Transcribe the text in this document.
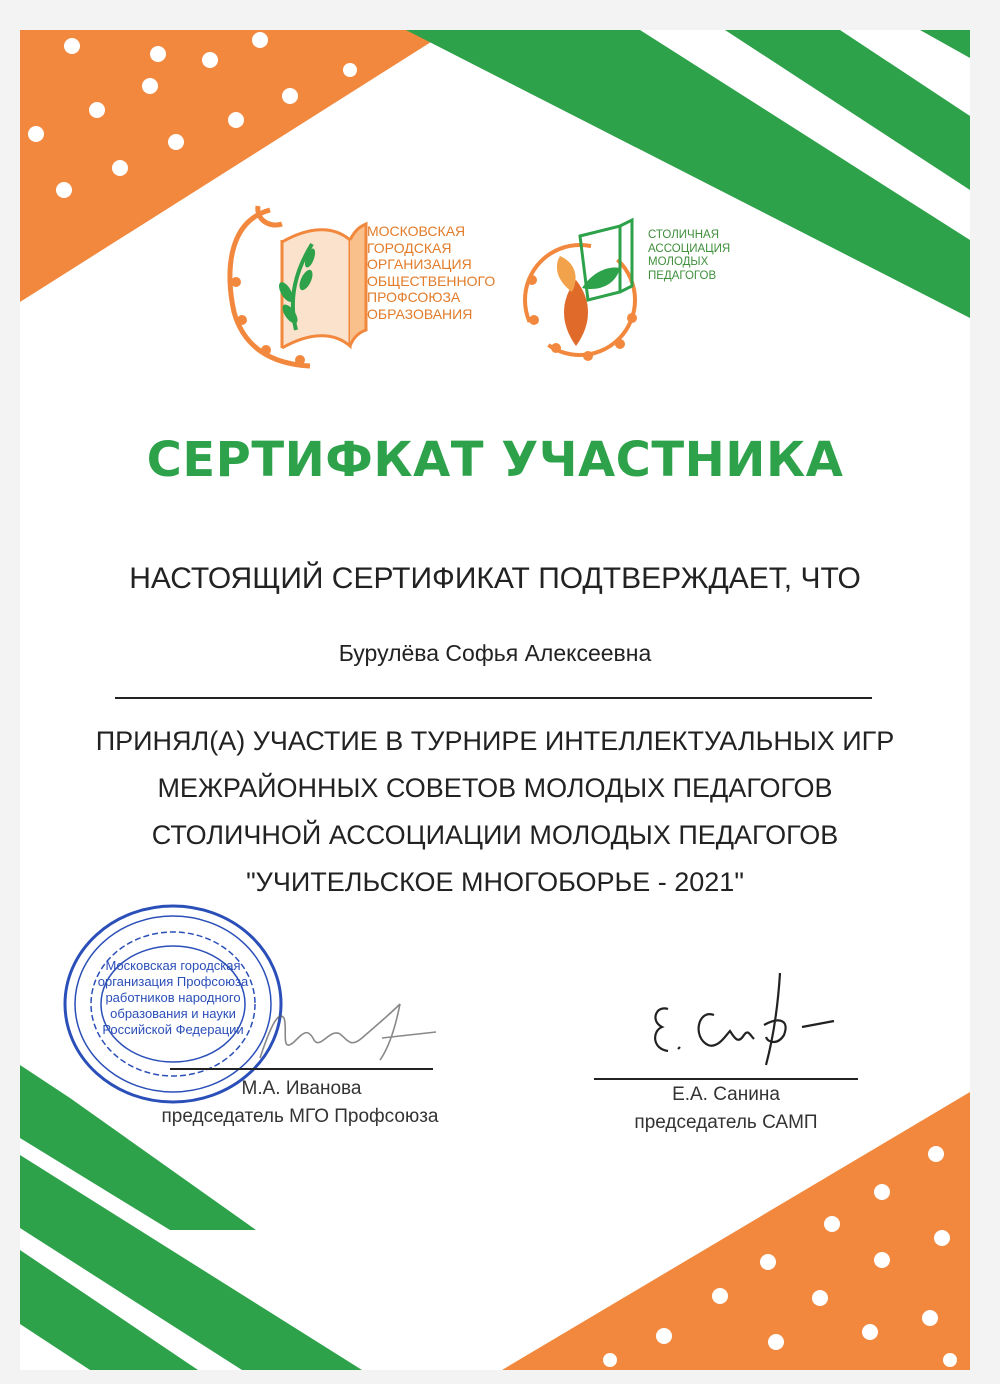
МОСКОВСКАЯ
ГОРОДСКАЯ
ОРГАНИЗАЦИЯ
ОБЩЕСТВЕННОГО
ПРОФСОЮЗА
ОБРАЗОВАНИЯ
СТОЛИЧНАЯ
АССОЦИАЦИЯ
МОЛОДЫХ
ПЕДАГОГОВ
СЕРТИФКАТ УЧАСТНИКА
НАСТОЯЩИЙ СЕРТИФИКАТ ПОДТВЕРЖДАЕТ, ЧТО
Бурулёва Софья Алексеевна
ПРИНЯЛ(А) УЧАСТИЕ В ТУРНИРЕ ИНТЕЛЛЕКТУАЛЬНЫХ ИГР
МЕЖРАЙОННЫХ СОВЕТОВ МОЛОДЫХ ПЕДАГОГОВ
СТОЛИЧНОЙ АССОЦИАЦИИ МОЛОДЫХ ПЕДАГОГОВ
"УЧИТЕЛЬСКОЕ МНОГОБОРЬЕ - 2021"
Московская городская
организация Профсоюза
работников народного
образования и науки
Российской Федерации
М.А. Иванова
председатель МГО Профсоюза
Е.А. Санина
председатель САМП
